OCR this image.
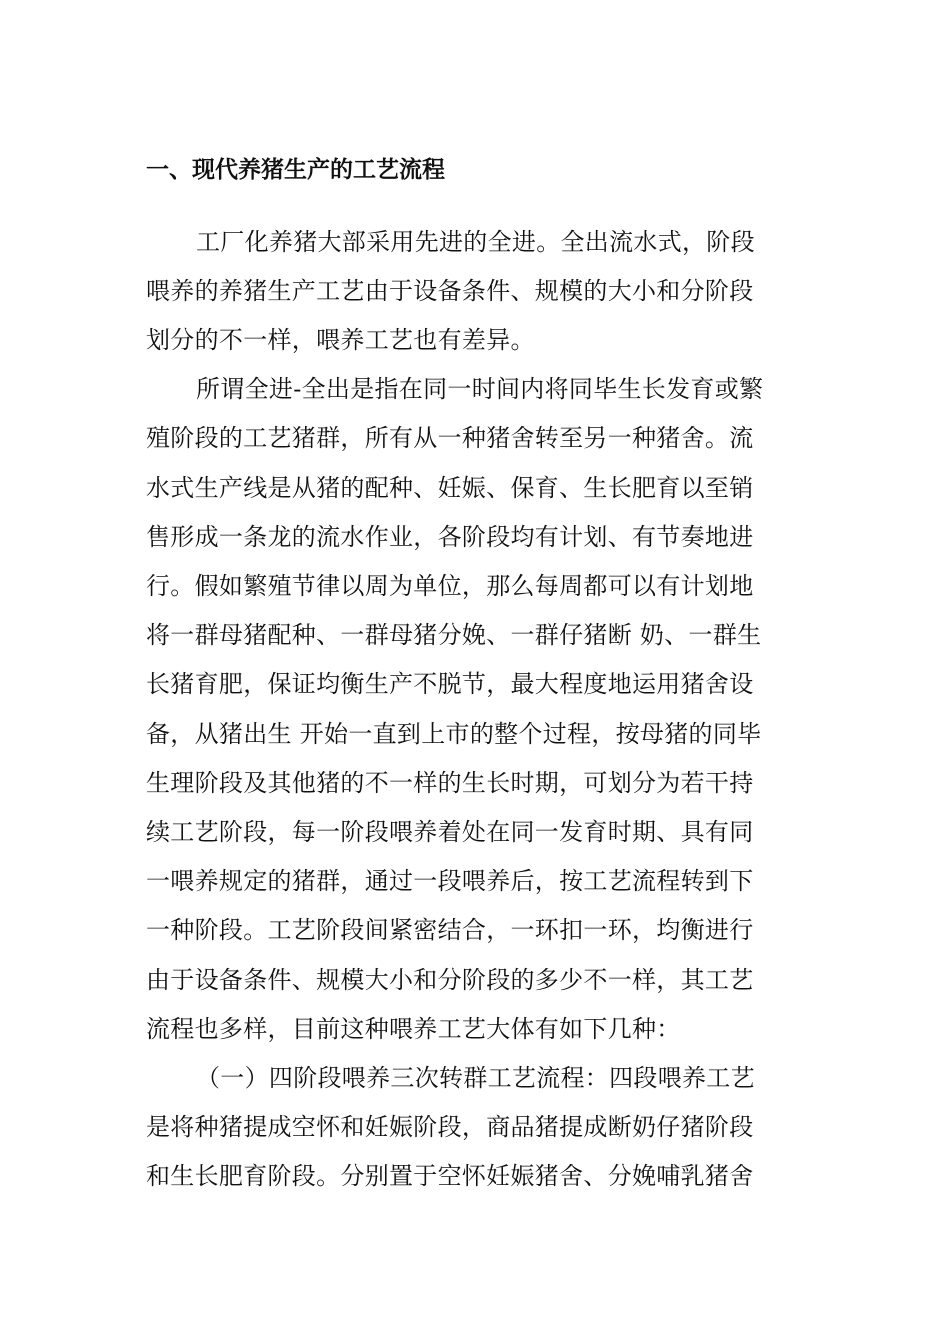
一、现代养猪生产的工艺流程
工厂化养猪大部采用先进的全进。全出流水式，阶段
喂养的养猪生产工艺由于设备条件、规模的大小和分阶段
划分的不一样，喂养工艺也有差异。
所谓全进-全出是指在同一时间内将同毕生长发育或繁
殖阶段的工艺猪群，所有从一种猪舍转至另一种猪舍。流
水式生产线是从猪的配种、妊娠、保育、生长肥育以至销
售形成一条龙的流水作业，各阶段均有计划、有节奏地进
行。假如繁殖节律以周为单位，那么每周都可以有计划地
将一群母猪配种、一群母猪分娩、一群仔猪断 奶、一群生
长猪育肥，保证均衡生产不脱节，最大程度地运用猪舍设
备，从猪出生 开始一直到上市的整个过程，按母猪的同毕
生理阶段及其他猪的不一样的生长时期，可划分为若干持
续工艺阶段，每一阶段喂养着处在同一发育时期、具有同
一喂养规定的猪群，通过一段喂养后，按工艺流程转到下
一种阶段。工艺阶段间紧密结合，一环扣一环，均衡进行
由于设备条件、规模大小和分阶段的多少不一样，其工艺
流程也多样，目前这种喂养工艺大体有如下几种：
（一）四阶段喂养三次转群工艺流程：四段喂养工艺
是将种猪提成空怀和妊娠阶段，商品猪提成断奶仔猪阶段
和生长肥育阶段。分别置于空怀妊娠猪舍、分娩哺乳猪舍
